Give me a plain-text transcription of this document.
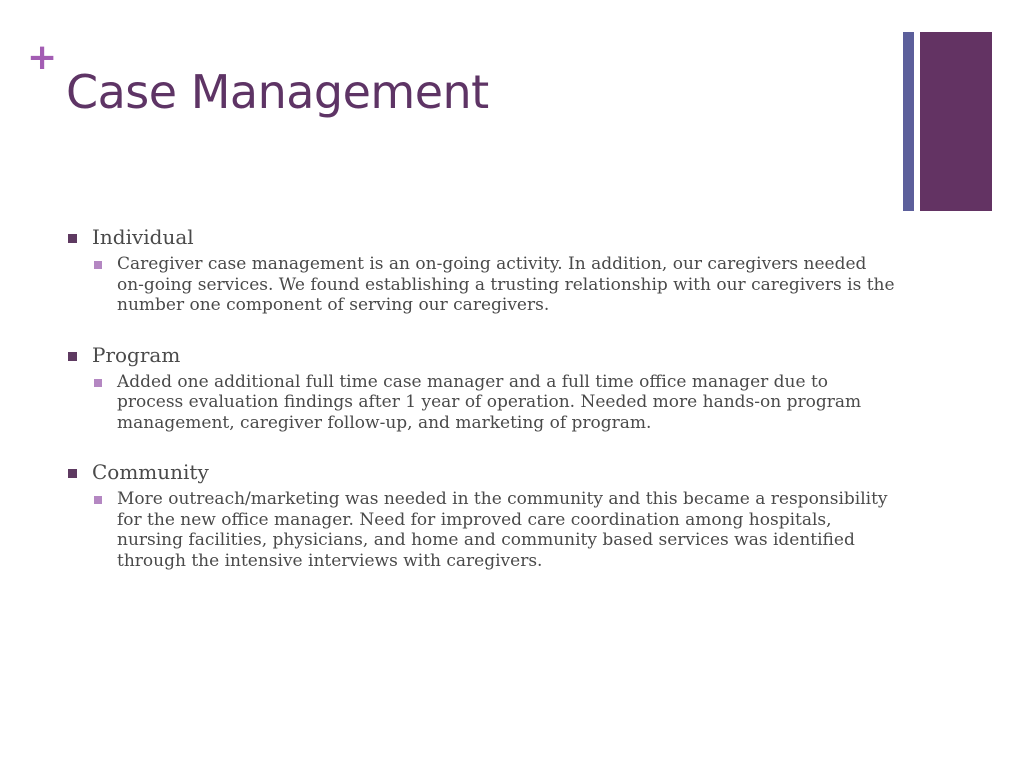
+
Case Management
Individual
Caregiver case management is an on-going activity. In addition, our caregivers needed on-going services. We found establishing a trusting relationship with our caregivers is the number one component of serving our caregivers.
Program
Added one additional full time case manager and a full time office manager due to process evaluation findings after 1 year of operation. Needed more hands-on program management, caregiver follow-up, and marketing of program.
Community
More outreach/marketing was needed in the community and this became a responsibility for the new office manager. Need for improved care coordination among hospitals, nursing facilities, physicians, and home and community based services was identified through the intensive interviews with caregivers.
